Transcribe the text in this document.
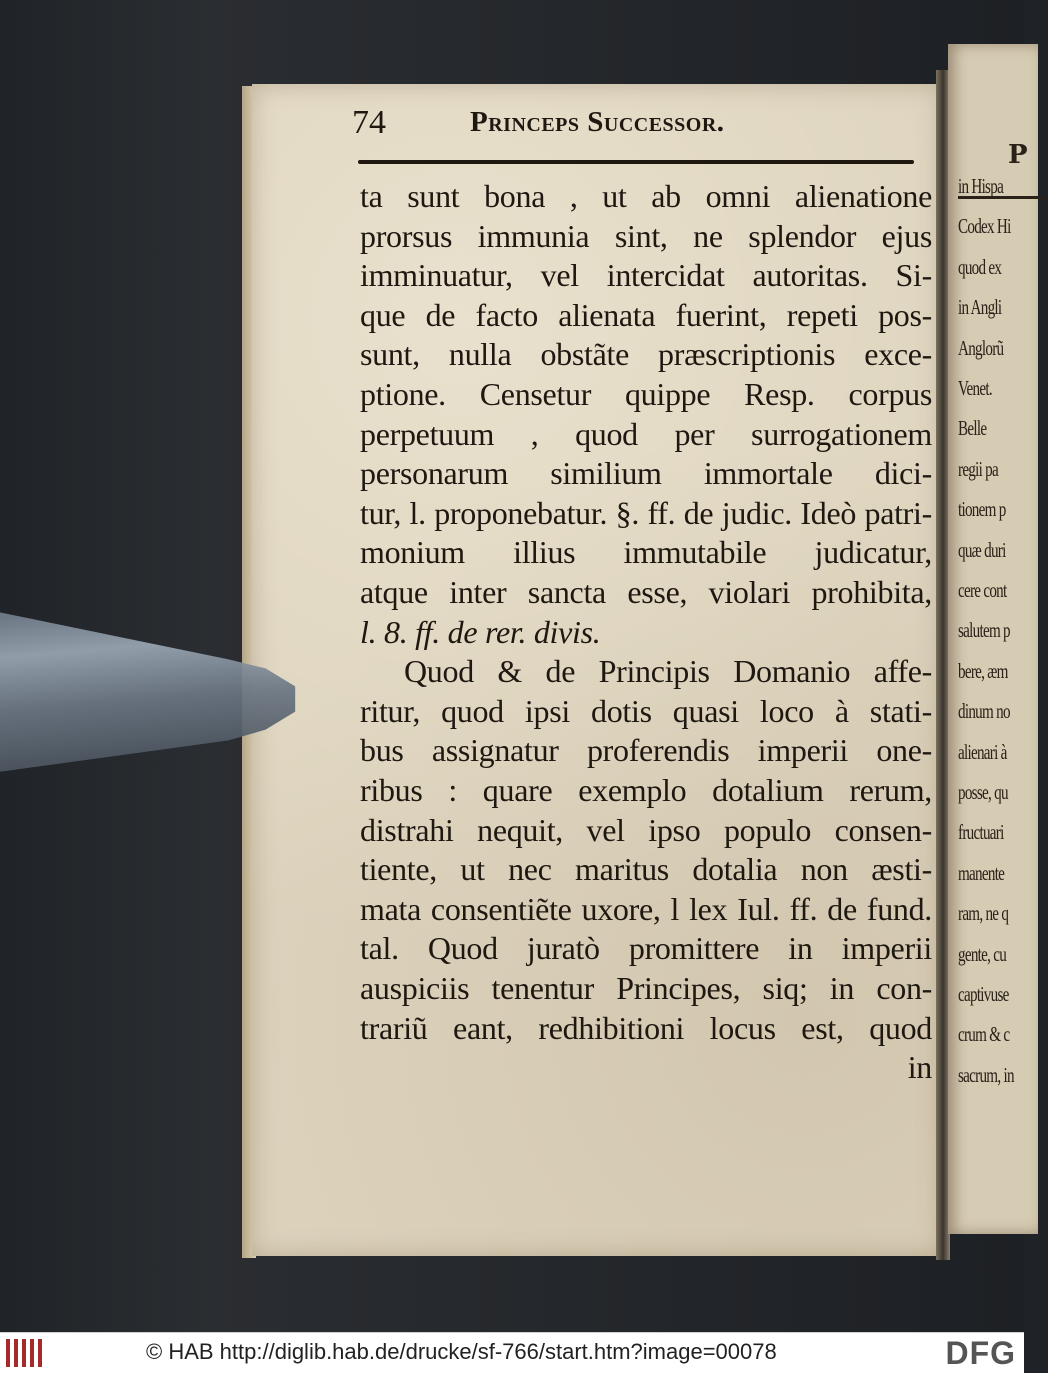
P
in Hispa
Codex Hi
quod ex
in Angli
Anglorũ
Venet.
Belle
regii pa
tionem p
quæ duri
cere cont
salutem p
bere, æm
dinum no
alienari à
posse, qu
fructuari
manente
ram, ne q
gente, cu
captivuse
crum & c
sacrum, in
74	Princeps Successor.
ta sunt bona , ut ab omni alienatione
prorsus immunia sint, ne splendor ejus
imminuatur, vel intercidat autoritas. Si-
que de facto alienata fuerint, repeti pos-
sunt, nulla obstãte præscriptionis exce-
ptione. Censetur quippe Resp. corpus
perpetuum , quod per surrogationem
personarum similium immortale dici-
tur, l. proponebatur. §. ff. de judic. Ideò patri-
monium illius immutabile judicatur,
atque inter sancta esse, violari prohibita,
l. 8. ff. de rer. divis.
Quod & de Principis Domanio affe-
ritur, quod ipsi dotis quasi loco à stati-
bus assignatur proferendis imperii one-
ribus : quare exemplo dotalium rerum,
distrahi nequit, vel ipso populo consen-
tiente, ut nec maritus dotalia non æsti-
mata consentiẽte uxore, l lex Iul. ff. de fund.
tal. Quod juratò promittere in imperii
auspiciis tenentur Principes, siq; in con-
trariũ eant, redhibitioni locus est, quod
in
© HAB http://diglib.hab.de/drucke/sf-766/start.htm?image=00078	DFG
